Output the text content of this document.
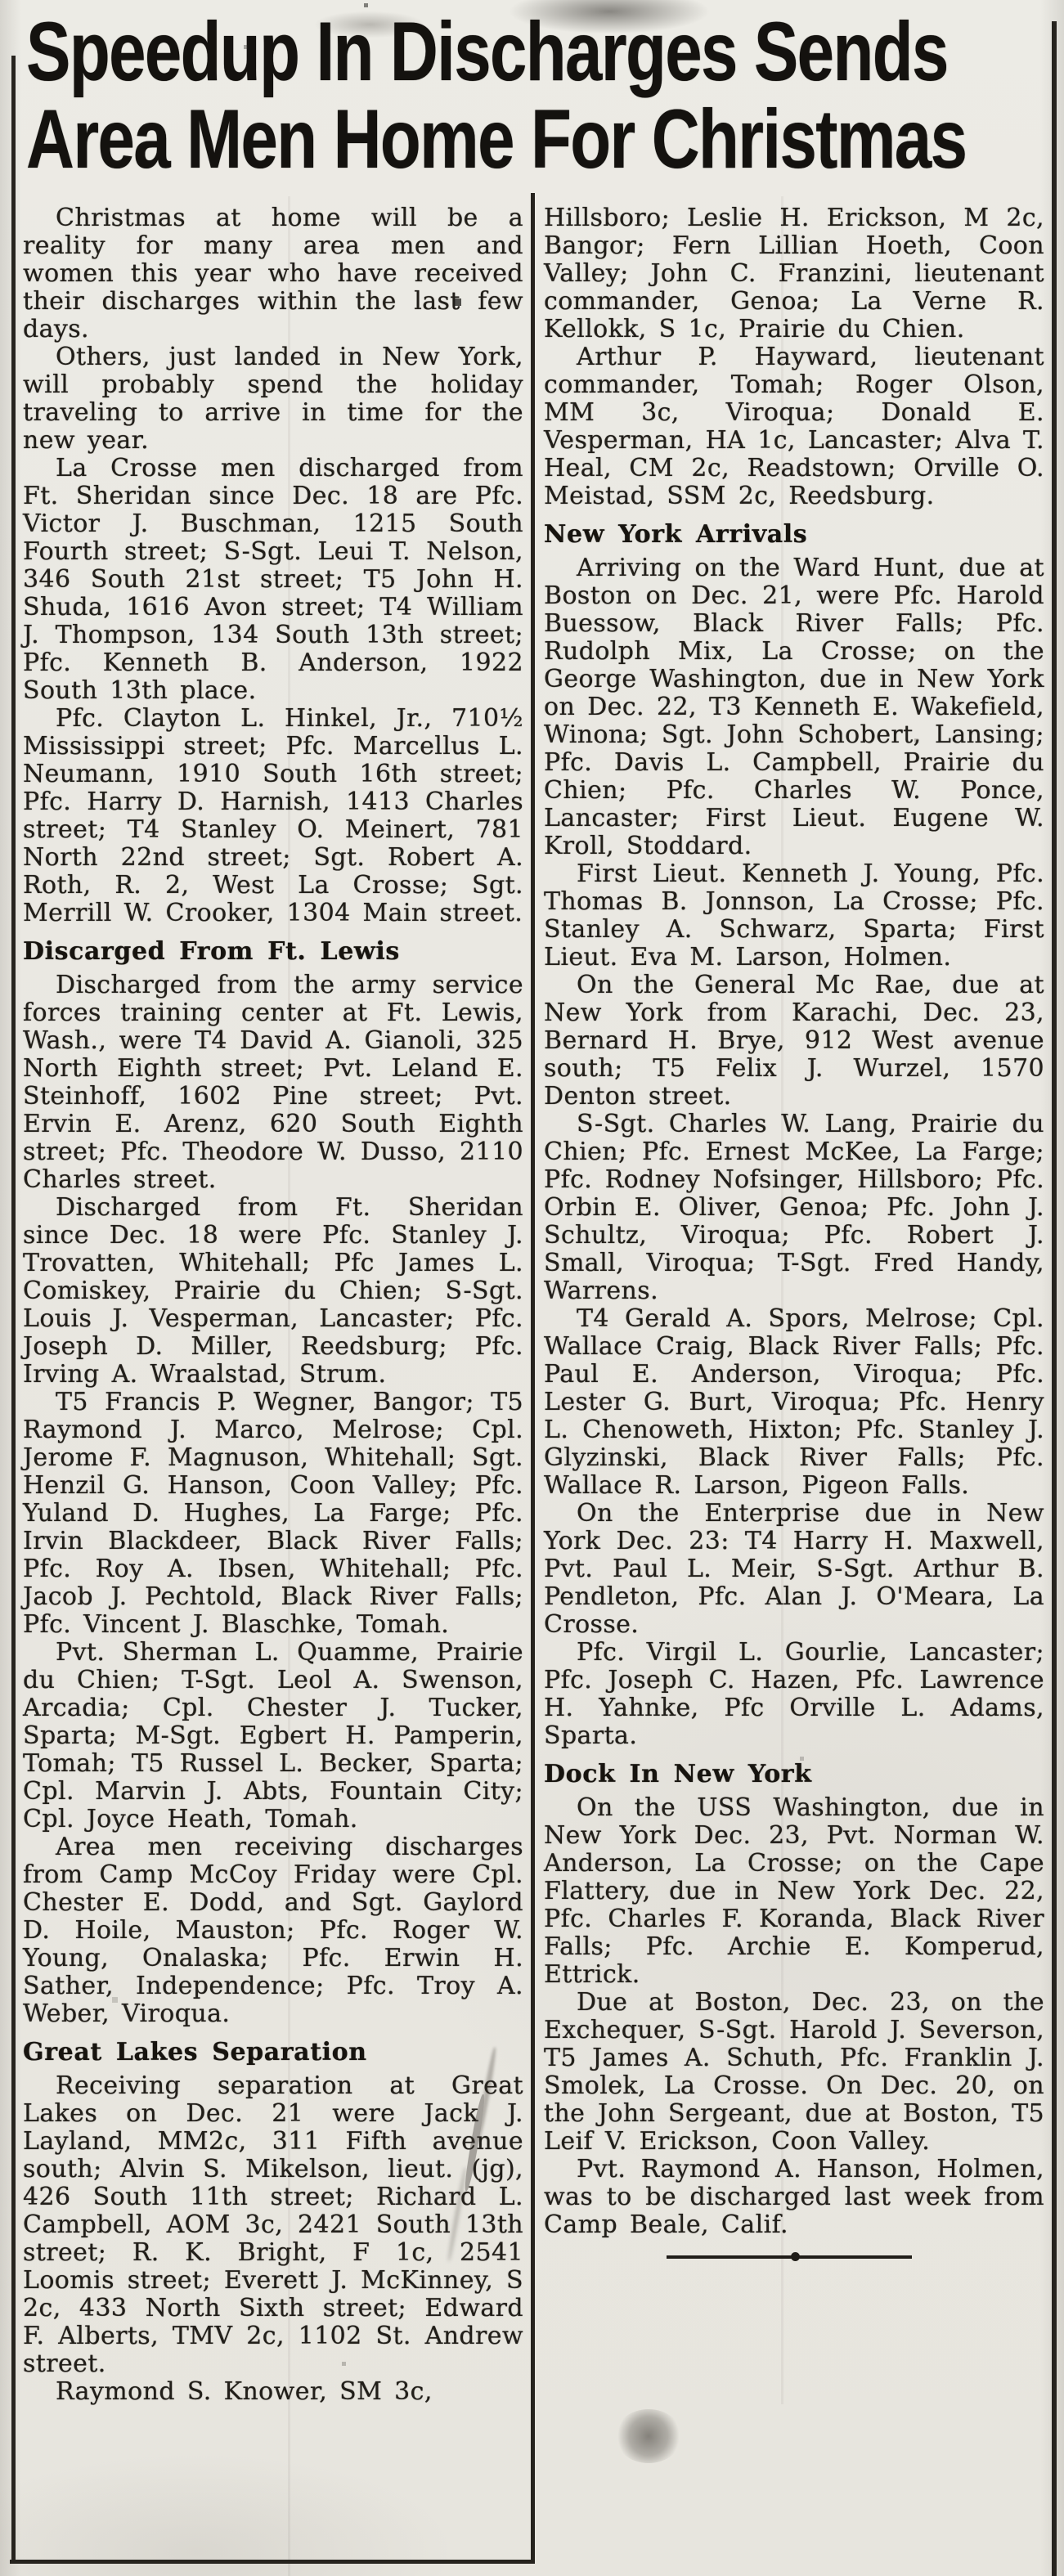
Speedup In Discharges Sends
Area Men Home For Christmas

Christmas at home will be a reality for many area men and women this year who have received their discharges within the last few days.

Others, just landed in New York, will probably spend the holiday traveling to arrive in time for the new year.

La Crosse men discharged from Ft. Sheridan since Dec. 18 are Pfc. Victor J. Buschman, 1215 South Fourth street; S-Sgt. Leui T. Nelson, 346 South 21st street; T5 John H. Shuda, 1616 Avon street; T4 William J. Thompson, 134 South 13th street; Pfc. Kenneth B. Anderson, 1922 South 13th place.

Pfc. Clayton L. Hinkel, Jr., 710½ Mississippi street; Pfc. Marcellus L. Neumann, 1910 South 16th street; Pfc. Harry D. Harnish, 1413 Charles street; T4 Stanley O. Meinert, 781 North 22nd street; Sgt. Robert A. Roth, R. 2, West La Crosse; Sgt. Merrill W. Crooker, 1304 Main street.

Discarged From Ft. Lewis

Discharged from the army service forces training center at Ft. Lewis, Wash., were T4 David A. Gianoli, 325 North Eighth street; Pvt. Leland E. Steinhoff, 1602 Pine street; Pvt. Ervin E. Arenz, 620 South Eighth street; Pfc. Theodore W. Dusso, 2110 Charles street.

Discharged from Ft. Sheridan since Dec. 18 were Pfc. Stanley J. Trovatten, Whitehall; Pfc James L. Comiskey, Prairie du Chien; S-Sgt. Louis J. Vesperman, Lancaster; Pfc. Joseph D. Miller, Reedsburg; Pfc. Irving A. Wraalstad, Strum.

T5 Francis P. Wegner, Bangor; T5 Raymond J. Marco, Melrose; Cpl. Jerome F. Magnuson, Whitehall; Sgt. Henzil G. Hanson, Coon Valley; Pfc. Yuland D. Hughes, La Farge; Pfc. Irvin Blackdeer, Black River Falls; Pfc. Roy A. Ibsen, Whitehall; Pfc. Jacob J. Pechtold, Black River Falls; Pfc. Vincent J. Blaschke, Tomah.

Pvt. Sherman L. Quamme, Prairie du Chien; T-Sgt. Leol A. Swenson, Arcadia; Cpl. Chester J. Tucker, Sparta; M-Sgt. Egbert H. Pamperin, Tomah; T5 Russel L. Becker, Sparta; Cpl. Marvin J. Abts, Fountain City; Cpl. Joyce Heath, Tomah.

Area men receiving discharges from Camp McCoy Friday were Cpl. Chester E. Dodd, and Sgt. Gaylord D. Hoile, Mauston; Pfc. Roger W. Young, Onalaska; Pfc. Erwin H. Sather, Independence; Pfc. Troy A. Weber, Viroqua.

Great Lakes Separation

Receiving separation at Great Lakes on Dec. 21 were Jack J. Layland, MM2c, 311 Fifth avenue south; Alvin S. Mikelson, lieut. (jg), 426 South 11th street; Richard L. Campbell, AOM 3c, 2421 South 13th street; R. K. Bright, F 1c, 2541 Loomis street; Everett J. McKinney, S 2c, 433 North Sixth street; Edward F. Alberts, TMV 2c, 1102 St. Andrew street.

Raymond S. Knower, SM 3c,

Hillsboro; Leslie H. Erickson, M 2c, Bangor; Fern Lillian Hoeth, Coon Valley; John C. Franzini, lieutenant commander, Genoa; La Verne R. Kellokk, S 1c, Prairie du Chien.

Arthur P. Hayward, lieutenant commander, Tomah; Roger Olson, MM 3c, Viroqua; Donald E. Vesperman, HA 1c, Lancaster; Alva T. Heal, CM 2c, Readstown; Orville O. Meistad, SSM 2c, Reedsburg.

New York Arrivals

Arriving on the Ward Hunt, due at Boston on Dec. 21, were Pfc. Harold Buessow, Black River Falls; Pfc. Rudolph Mix, La Crosse; on the George Washington, due in New York on Dec. 22, T3 Kenneth E. Wakefield, Winona; Sgt. John Schobert, Lansing; Pfc. Davis L. Campbell, Prairie du Chien; Pfc. Charles W. Ponce, Lancaster; First Lieut. Eugene W. Kroll, Stoddard.

First Lieut. Kenneth J. Young, Pfc. Thomas B. Jonnson, La Crosse; Pfc. Stanley A. Schwarz, Sparta; First Lieut. Eva M. Larson, Holmen.

On the General Mc Rae, due at New York from Karachi, Dec. 23, Bernard H. Brye, 912 West avenue south; T5 Felix J. Wurzel, 1570 Denton street.

S-Sgt. Charles W. Lang, Prairie du Chien; Pfc. Ernest McKee, La Farge; Pfc. Rodney Nofsinger, Hillsboro; Pfc. Orbin E. Oliver, Genoa; Pfc. John J. Schultz, Viroqua; Pfc. Robert J. Small, Viroqua; T-Sgt. Fred Handy, Warrens.

T4 Gerald A. Spors, Melrose; Cpl. Wallace Craig, Black River Falls; Pfc. Paul E. Anderson, Viroqua; Pfc. Lester G. Burt, Viroqua; Pfc. Henry L. Chenoweth, Hixton; Pfc. Stanley J. Glyzinski, Black River Falls; Pfc. Wallace R. Larson, Pigeon Falls.

On the Enterprise due in New York Dec. 23: T4 Harry H. Maxwell, Pvt. Paul L. Meir, S-Sgt. Arthur B. Pendleton, Pfc. Alan J. O'Meara, La Crosse.

Pfc. Virgil L. Gourlie, Lancaster; Pfc. Joseph C. Hazen, Pfc. Lawrence H. Yahnke, Pfc Orville L. Adams, Sparta.

Dock In New York

On the USS Washington, due in New York Dec. 23, Pvt. Norman W. Anderson, La Crosse; on the Cape Flattery, due in New York Dec. 22, Pfc. Charles F. Koranda, Black River Falls; Pfc. Archie E. Komperud, Ettrick.

Due at Boston, Dec. 23, on the Exchequer, S-Sgt. Harold J. Severson, T5 James A. Schuth, Pfc. Franklin J. Smolek, La Crosse. On Dec. 20, on the John Sergeant, due at Boston, T5 Leif V. Erickson, Coon Valley.

Pvt. Raymond A. Hanson, Holmen, was to be discharged last week from Camp Beale, Calif.
